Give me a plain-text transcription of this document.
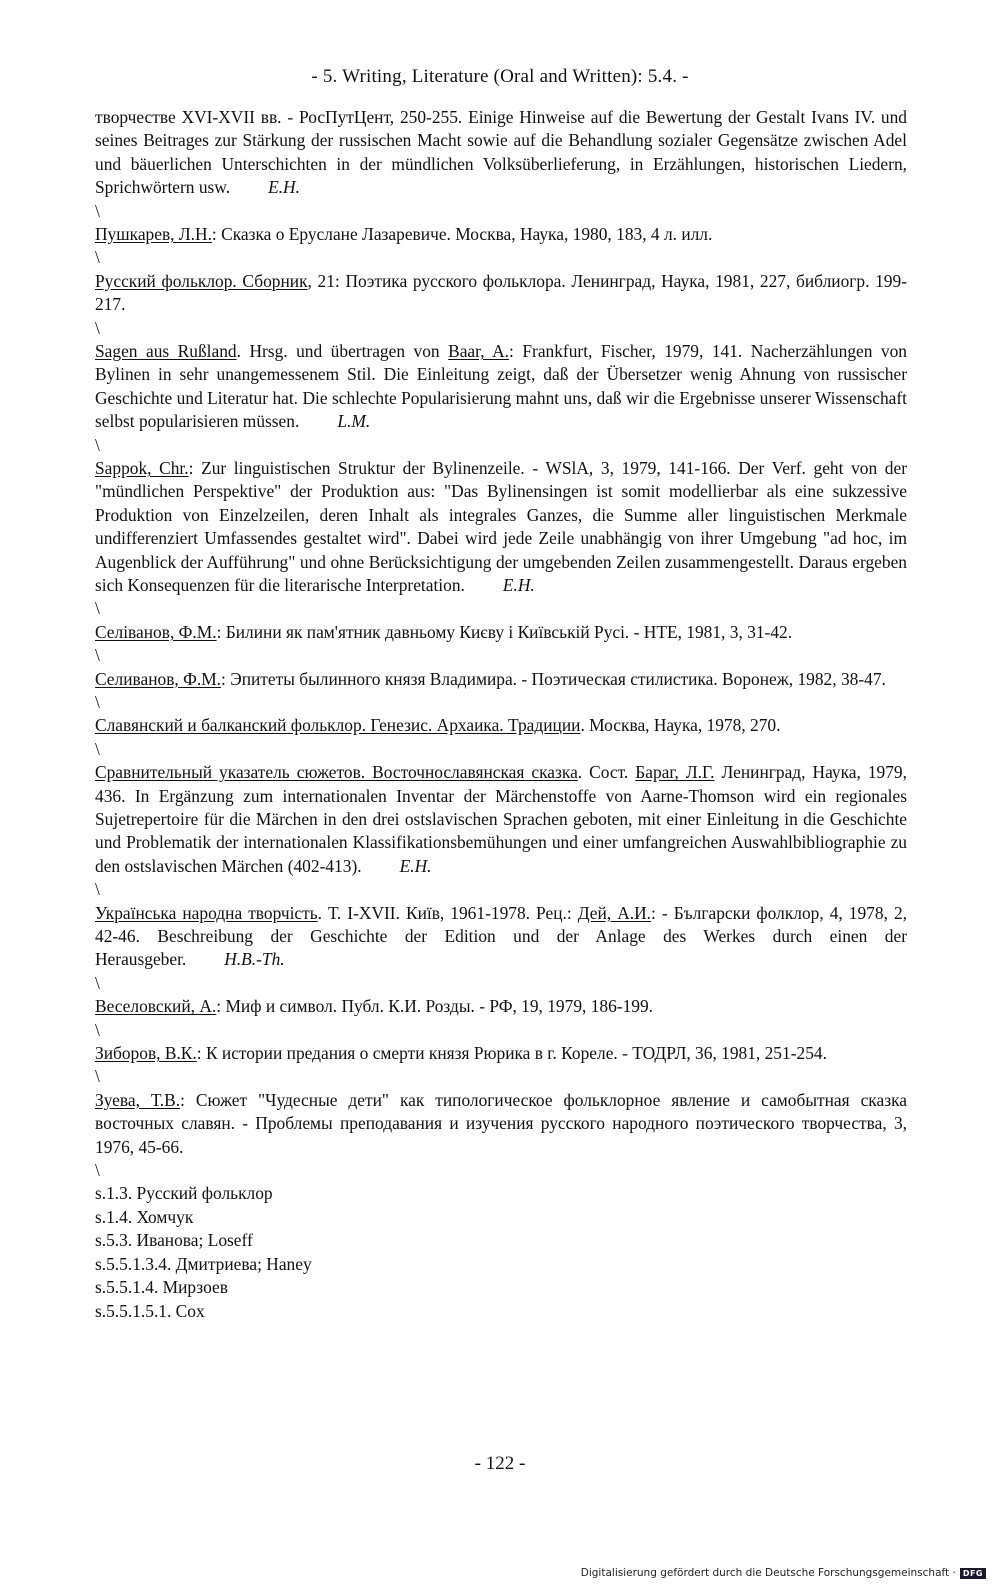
- 5. Writing, Literature (Oral and Written): 5.4. -

творчестве XVI-XVII вв. - РосПутЦент, 250-255. Einige Hinweise auf die Bewertung der Gestalt Ivans IV. und seines Beitrages zur Stärkung der russischen Macht sowie auf die Behandlung sozialer Gegensätze zwischen Adel und bäuerlichen Unterschichten in der mündlichen Volksüberlieferung, in Erzählungen, historischen Liedern, Sprichwörtern usw. E.H.

\

Пушкарев, Л.Н.: Сказка о Еруслане Лазаревиче. Москва, Наука, 1980, 183, 4 л. илл.

\

Русский фольклор. Сборник, 21: Поэтика русского фольклора. Ленинград, Наука, 1981, 227, библиогр. 199-217.

\

Sagen aus Rußland. Hrsg. und übertragen von Baar, A.: Frankfurt, Fischer, 1979, 141. Nacherzählungen von Bylinen in sehr unangemessenem Stil. Die Einleitung zeigt, daß der Übersetzer wenig Ahnung von russischer Geschichte und Literatur hat. Die schlechte Popularisierung mahnt uns, daß wir die Ergebnisse unserer Wissenschaft selbst popularisieren müssen. L.M.

\

Sappok, Chr.: Zur linguistischen Struktur der Bylinenzeile. - WSlA, 3, 1979, 141-166. Der Verf. geht von der "mündlichen Perspektive" der Produktion aus: "Das Bylinensingen ist somit modellierbar als eine sukzessive Produktion von Einzelzeilen, deren Inhalt als integrales Ganzes, die Summe aller linguistischen Merkmale undifferenziert Umfassendes gestaltet wird". Dabei wird jede Zeile unabhängig von ihrer Umgebung "ad hoc, im Augenblick der Aufführung" und ohne Berücksichtigung der umgebenden Zeilen zusammengestellt. Daraus ergeben sich Konsequenzen für die literarische Interpretation. E.H.

\

Селiванов, Ф.М.: Билини як пам'ятник давньому Києву i Київській Русі. - НТЕ, 1981, 3, 31-42.

\

Селиванов, Ф.М.: Эпитеты былинного князя Владимира. - Поэтическая стилистика. Воронеж, 1982, 38-47.

\

Славянский и балканский фольклор. Генезис. Архаика. Традиции. Москва, Наука, 1978, 270.

\

Сравнительный указатель сюжетов. Восточнославянская сказка. Сост. Бараг, Л.Г. Ленинград, Наука, 1979, 436. In Ergänzung zum internationalen Inventar der Märchenstoffe von Aarne-Thomson wird ein regionales Sujetrepertoire für die Märchen in den drei ostslavischen Sprachen geboten, mit einer Einleitung in die Geschichte und Problematik der internationalen Klassifikationsbemühungen und einer umfangreichen Auswahlbibliographie zu den ostslavischen Märchen (402-413). E.H.

\

Українська народна творчість. Т. I-XVII. Київ, 1961-1978. Рец.: Дей, А.И.: - Български фолклор, 4, 1978, 2, 42-46. Beschreibung der Geschichte der Edition und der Anlage des Werkes durch einen der Herausgeber. H.B.-Th.

\

Веселовский, А.: Миф и символ. Публ. К.И. Розды. - РФ, 19, 1979, 186-199.

\

Зиборов, В.К.: К истории предания о смерти князя Рюрика в г. Кореле. - ТОДРЛ, 36, 1981, 251-254.

\

Зуева, Т.В.: Сюжет "Чудесные дети" как типологическое фольклорное явление и самобытная сказка восточных славян. - Проблемы преподавания и изучения русского народного поэтического творчества, 3, 1976, 45-66.

\

s.1.3. Русский фольклор
s.1.4. Хомчук
s.5.3. Иванова; Loseff
s.5.5.1.3.4. Дмитриева; Haney
s.5.5.1.4. Мирзоев
s.5.5.1.5.1. Cox
- 122 -
Digitalisierung gefördert durch die Deutsche Forschungsgemeinschaft · DFG
